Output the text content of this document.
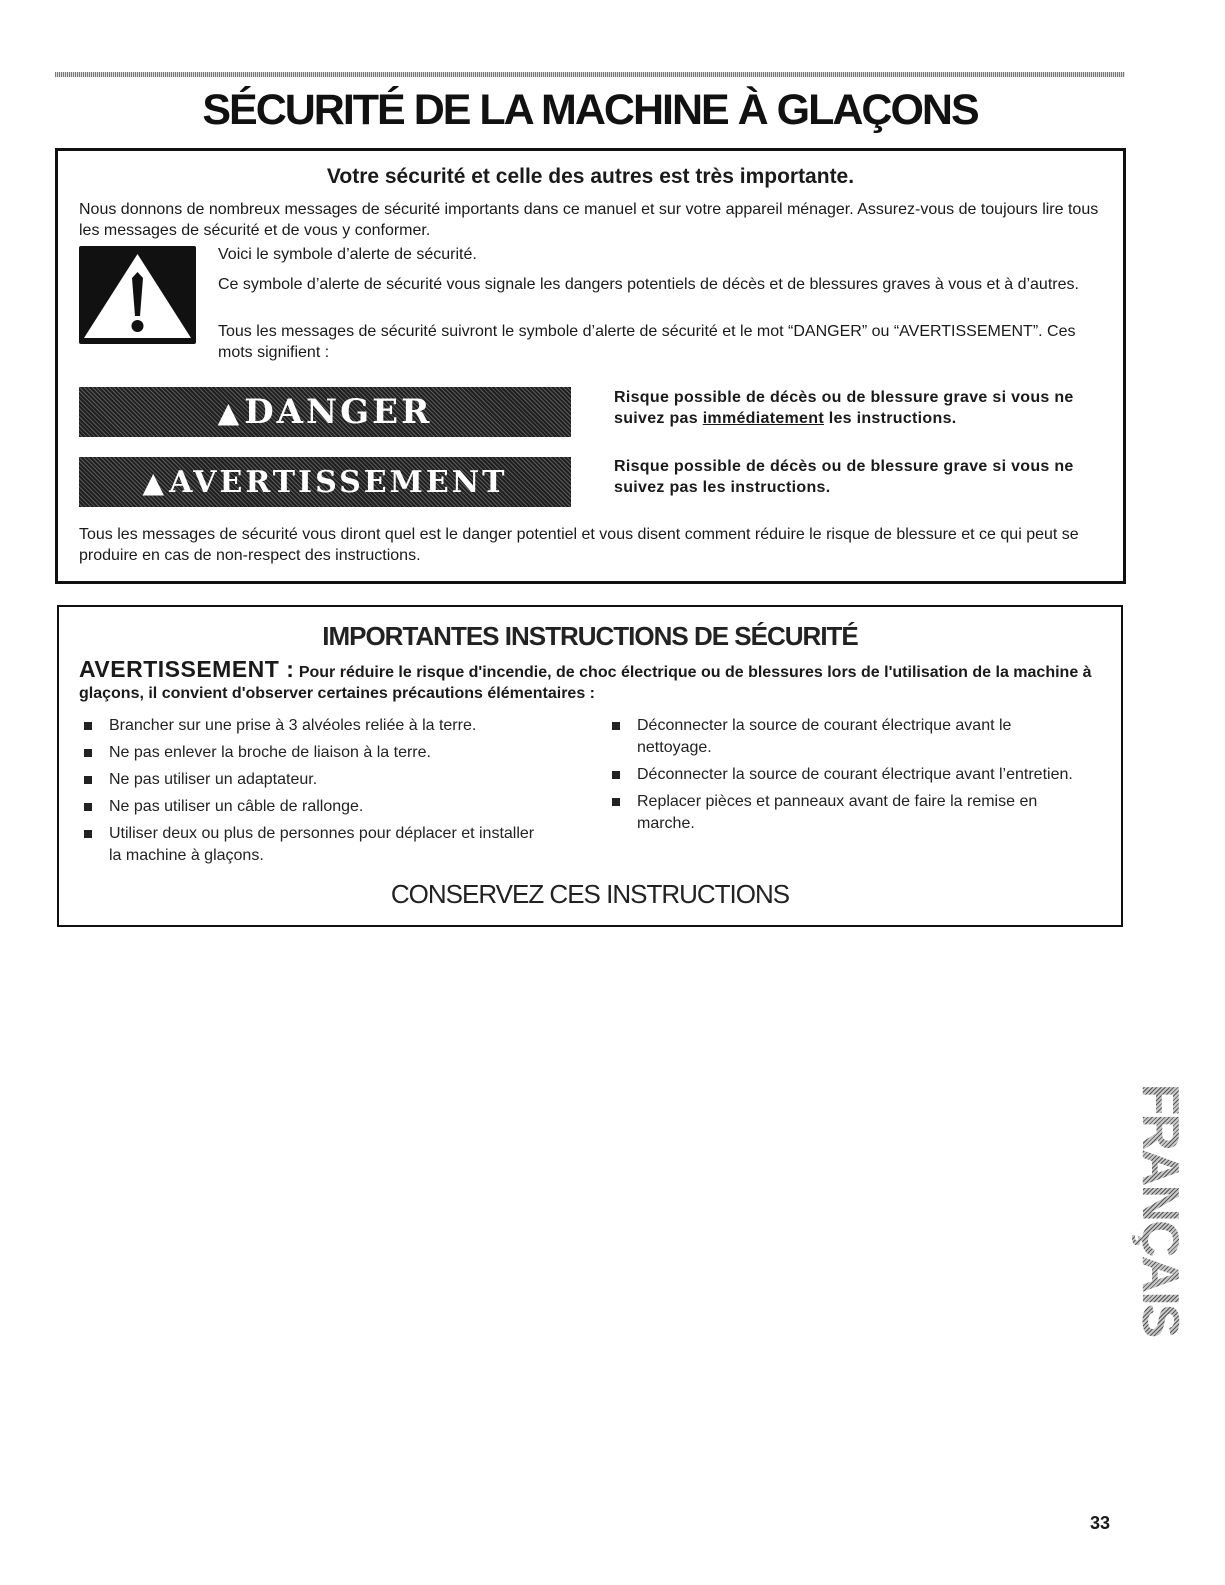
SÉCURITÉ DE LA MACHINE À GLAÇONS
Votre sécurité et celle des autres est très importante.

Nous donnons de nombreux messages de sécurité importants dans ce manuel et sur votre appareil ménager. Assurez-vous de toujours lire tous les messages de sécurité et de vous y conformer.

Voici le symbole d’alerte de sécurité.

Ce symbole d’alerte de sécurité vous signale les dangers potentiels de décès et de blessures graves à vous et à d’autres.

Tous les messages de sécurité suivront le symbole d’alerte de sécurité et le mot “DANGER” ou “AVERTISSEMENT”. Ces mots signifient :

▲ DANGER	Risque possible de décès ou de blessure grave si vous ne suivez pas immédiatement les instructions.

▲ AVERTISSEMENT	Risque possible de décès ou de blessure grave si vous ne suivez pas les instructions.

Tous les messages de sécurité vous diront quel est le danger potentiel et vous disent comment réduire le risque de blessure et ce qui peut se produire en cas de non-respect des instructions.

IMPORTANTES INSTRUCTIONS DE SÉCURITÉ

AVERTISSEMENT : Pour réduire le risque d'incendie, de choc électrique ou de blessures lors de l'utilisation de la machine à glaçons, il convient d'observer certaines précautions élémentaires :

Brancher sur une prise à 3 alvéoles reliée à la terre.
Ne pas enlever la broche de liaison à la terre.
Ne pas utiliser un adaptateur.
Ne pas utiliser un câble de rallonge.
Utiliser deux ou plus de personnes pour déplacer et installer la machine à glaçons.
Déconnecter la source de courant électrique avant le nettoyage.
Déconnecter la source de courant électrique avant l’entretien.
Replacer pièces et panneaux avant de faire la remise en marche.

CONSERVEZ CES INSTRUCTIONS

FRANÇAIS

33
